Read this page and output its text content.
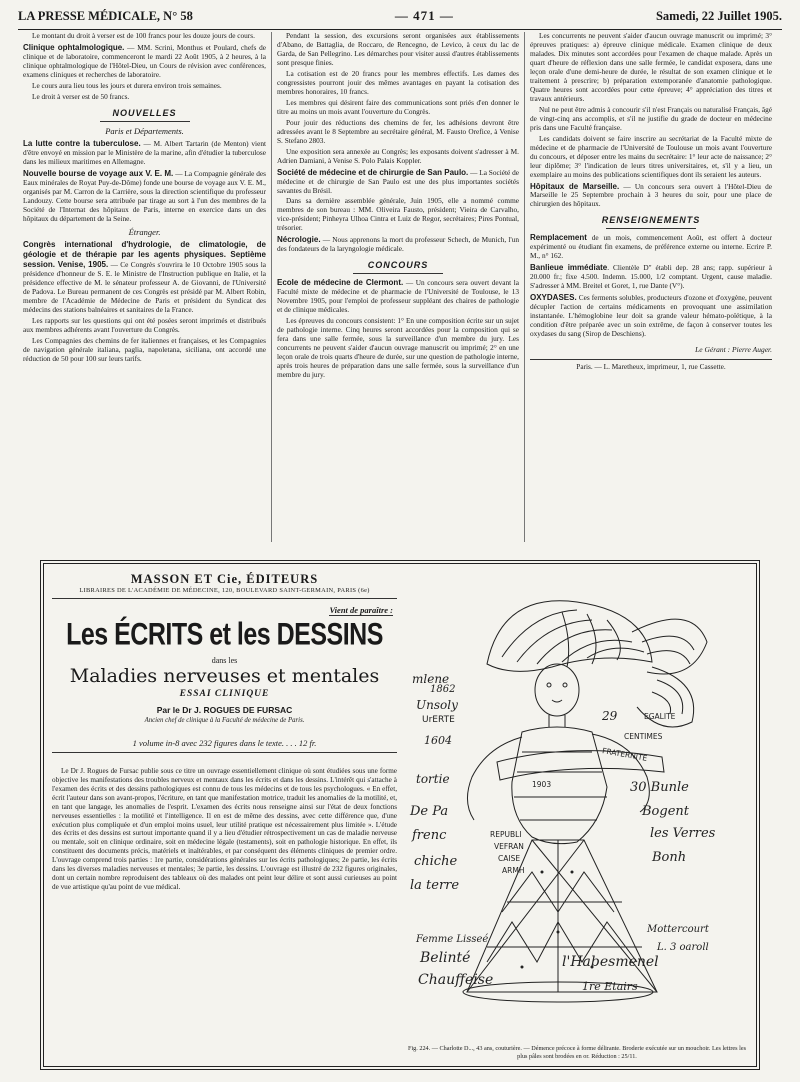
LA PRESSE MÉDICALE, N° 58	— 471 —	Samedi, 22 Juillet 1905.

Le montant du droit à verser est de 100 francs pour les douze jours de cours.

Clinique ophtalmologique. — MM. Scrini, Monthus et Poulard, chefs de clinique et de laboratoire, commenceront le mardi 22 Août 1905, à 2 heures, à la clinique ophtalmologique de l'Hôtel-Dieu, un Cours de révision avec conférences, examens cliniques et recherches de laboratoire.

Le cours aura lieu tous les jours et durera environ trois semaines.

Le droit à verser est de 50 francs.

NOUVELLES
Paris et Départements.

La lutte contre la tuberculose. — M. Albert Tartarin (de Menton) vient d'être envoyé en mission par le Ministère de la marine, afin d'étudier la tuberculose dans les milieux maritimes en Allemagne.

Nouvelle bourse de voyage aux V. E. M. — La Compagnie générale des Eaux minérales de Royat Puy-de-Dôme) fonde une bourse de voyage aux V. E. M., organisés par M. Carron de la Carrière, sous la direction scientifique du professeur Landouzy. Cette bourse sera attribuée par tirage au sort à l'un des membres de la Société de l'Internat des hôpitaux de Paris, interne en exercice dans un des hôpitaux du département de la Seine.

Étranger.

Congrès international d'hydrologie, de climatologie, de géologie et de thérapie par les agents physiques. Septième session. Venise, 1905. — Ce Congrès s'ouvrira le 10 Octobre 1905 sous la présidence d'honneur de S. E. le Ministre de l'Instruction publique en Italie, et la présidence effective de M. le sénateur professeur A. de Giovanni, de l'Université de Padova. Le Bureau permanent de ces Congrès est présidé par M. Albert Robin, membre de l'Académie de Médecine de Paris et président du Syndicat des médecins des stations balnéaires et sanitaires de la France.

Les rapports sur les questions qui ont été posées seront imprimés et distribués aux membres adhérents avant l'ouverture du Congrès.

Les Compagnies des chemins de fer italiennes et françaises, et les Compagnies de navigation générale italiana, paglia, napoletana, siciliana, ont accordé une réduction de 50 pour 100 sur leurs tarifs.

Pendant la session, des excursions seront organisées aux établissements d'Abano, de Battaglia, de Roccaro, de Rencegno, de Levico, à ceux du lac de Garda, de San Pellegrino. Les démarches pour visiter aussi d'autres établissements sont presque finies.

La cotisation est de 20 francs pour les membres effectifs. Les dames des congressistes pourront jouir des mêmes avantages en payant la cotisation des membres honoraires, 10 francs.

Les membres qui désirent faire des communications sont priés d'en donner le titre au moins un mois avant l'ouverture du Congrès.

Pour jouir des réductions des chemins de fer, les adhésions devront être adressées avant le 8 Septembre au secrétaire général, M. Fausto Orefice, à Venise S. Stefano 2803.

Une exposition sera annexée au Congrès; les exposants doivent s'adresser à M. Adrien Damiani, à Venise S. Polo Palais Koppler.

Société de médecine et de chirurgie de San Paulo. — La Société de médecine et de chirurgie de San Paulo est une des plus importantes sociétés savantes du Brésil.

Dans sa dernière assemblée générale, Juin 1905, elle a nommé comme membres de son bureau : MM. Oliveira Fausto, président; Vieira de Carvalho, vice-président; Pinheyra Ulhoa Cintra et Luiz de Regor, secrétaires; Pires Pontual, trésorier.

Nécrologie. — Nous apprenons la mort du professeur Schech, de Munich, l'un des fondateurs de la laryngologie médicale.

CONCOURS

Ecole de médecine de Clermont. — Un concours sera ouvert devant la Faculté mixte de médecine et de pharmacie de l'Université de Toulouse, le 13 Novembre 1905, pour l'emploi de professeur suppléant des chaires de pathologie et de clinique médicales.

Les épreuves du concours consistent: 1° En une composition écrite sur un sujet de pathologie interne. Cinq heures seront accordées pour la composition qui se fera dans une salle fermée, sous la surveillance d'un membre du jury. Les concurrents ne peuvent s'aider d'aucun ouvrage manuscrit ou imprimé; 2° en une leçon orale de trois quarts d'heure de durée, sur une question de pathologie interne, après trois heures de préparation dans une salle fermée, sous la surveillance d'un membre du jury.

Les concurrents ne peuvent s'aider d'aucun ouvrage manuscrit ou imprimé; 3° épreuves pratiques: a) épreuve clinique médicale. Examen clinique de deux malades. Dix minutes sont accordées pour l'examen de chaque malade. Après un quart d'heure de réflexion dans une salle fermée, le candidat exposera, dans une leçon orale d'une demi-heure de durée, le résultat de son examen clinique et le traitement à prescrire; b) préparation extemporanée d'anatomie pathologique. Quatre heures sont accordées pour cette épreuve; 4° appréciation des titres et travaux antérieurs.

Nul ne peut être admis à concourir s'il n'est Français ou naturalisé Français, âgé de vingt-cinq ans accomplis, et s'il ne justifie du grade de docteur en médecine pris dans une Faculté française.

Les candidats doivent se faire inscrire au secrétariat de la Faculté mixte de médecine et de pharmacie de l'Université de Toulouse un mois avant l'ouverture du concours, et déposer entre les mains du secrétaire: 1° leur acte de naissance; 2° leur diplôme; 3° l'indication de leurs titres universitaires, et, s'il y a lieu, un exemplaire au moins des publications scientifiques dont ils seraient les auteurs.

Hôpitaux de Marseille. — Un concours sera ouvert à l'Hôtel-Dieu de Marseille le 25 Septembre prochain à 3 heures du soir, pour une place de chirurgien des hôpitaux.

RENSEIGNEMENTS

Remplacement de un mois, commencement Août, est offert à docteur expérimenté ou étudiant fin examens, de préférence externe ou interne. Ecrire P. M., n° 162.

Banlieue immédiate. Clientèle D" établi dep. 28 ans; rapp. supérieur à 20.000 fr.; fixe 4.500. Indemn. 15.000, 1/2 comptant. Urgent, cause maladie. S'adresser à MM. Breitel et Goret, 1, rue Dante (V°).

OXYDASES. Ces ferments solubles, producteurs d'ozone et d'oxygène, peuvent décupler l'action de certains médicaments en provoquant une assimilation instantanée. L'hémoglobine leur doit sa grande valeur hémato-poïétique, à la condition d'être préparée avec un soin extrême, de façon à conserver toutes les oxydases du sang (Sirop de Deschiens).

Le Gérant : Pierre Auger.
Paris. — L. Maretheux, imprimeur, 1, rue Cassette.
MASSON ET Cie, ÉDITEURS
LIBRAIRES DE L'ACADÉMIE DE MÉDECINE, 120, BOULEVARD SAINT-GERMAIN, PARIS (6e)
Vient de paraître :
Les ÉCRITS et les DESSINS
dans les
Maladies nerveuses et mentales
ESSAI CLINIQUE
Par le Dr J. ROGUES DE FURSAC
Ancien chef de clinique à la Faculté de médecine de Paris.
1 volume in-8 avec 232 figures dans le texte. . . . 12 fr.
Le Dr J. Rogues de Fursac publie sous ce titre un ouvrage essentiellement clinique où sont étudiées sous une forme objective les manifestations des troubles nerveux et mentaux dans les écrits et dans les dessins. L'intérêt qui s'attache à l'examen des écrits et des dessins pathologiques est connu de tous les médecins et de tous les psychologues. « En effet, écrit l'auteur dans son avant-propos, l'écriture, en tant que manifestation motrice, traduit les anomalies de la motilité, et, en tant que langage, les anomalies de l'esprit. L'examen des écrits nous renseigne ainsi sur l'état de deux fonctions nerveuses essentielles : la motilité et l'intelligence. Il en est de même des dessins, avec cette différence que, d'une exécution plus compliquée et d'un emploi moins usuel, leur utilité pratique est nécessairement plus limitée ». L'étude des écrits et des dessins est surtout importante quand il y a lieu d'étudier rétrospectivement un cas de maladie nerveuse ou mentale, soit en clinique ordinaire, soit en médecine légale (testaments), soit en pathologie historique. En effet, ils constituent des documents précis, matériels et inaltérables, et par conséquent des éléments cliniques de premier ordre. L'ouvrage comprend trois parties : 1re partie, considérations générales sur les écrits pathologiques; 2e partie, les écrits dans les diverses maladies nerveuses et mentales; 3e partie, les dessins. L'ouvrage est illustré de 232 figures originales, dont un certain nombre reproduisent des tableaux où des malades ont peint leur délire et sont aussi curieuses au point de vue artistique qu'au point de vue médical.
mlene
1862
Unsoly
UrERTE
1604
29	EGALITE
CENTIMES
FRATERNITE
tortie	1903	30 Bunle
Bogent
les Verres
De Pa
frenc	REPUBLI
VEFRAN
CAISE
ARMH
Bonh
chiche
la terre
Femme Lisseé
Belinté	l'Habesmenel
Chauffeise
Mottercourt
L. 3 oaroll
1re Etairs
Fig. 224. — Charlotte D..., 43 ans, couturière. — Démence précoce à forme délirante. Broderie exécutée sur un mouchoir. Les lettres les plus pâles sont brodées en or. Réduction : 25/11.
